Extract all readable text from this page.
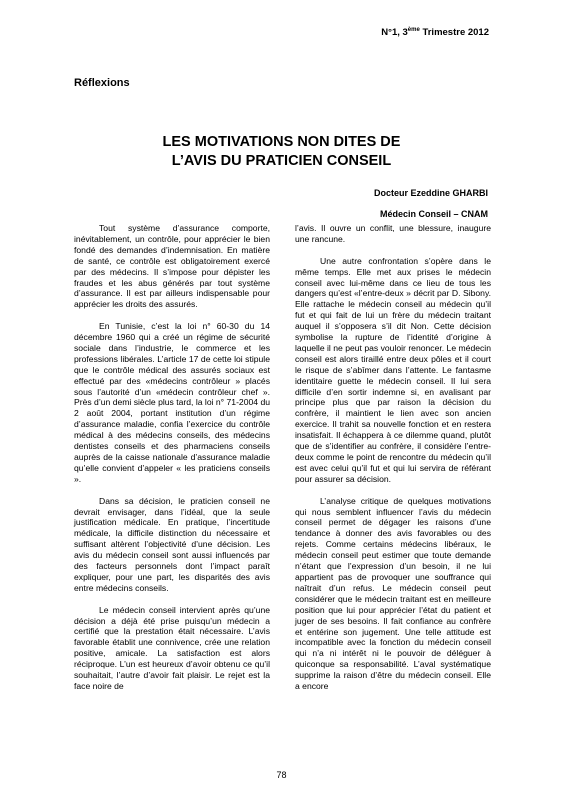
N°1, 3ème Trimestre 2012
Réflexions
LES MOTIVATIONS NON DITES DE
L’AVIS DU PRATICIEN CONSEIL
Docteur Ezeddine GHARBI
Médecin Conseil – CNAM

Tout système d’assurance comporte, inévitablement, un contrôle, pour apprécier le bien fondé des demandes d’indemnisation. En matière de santé, ce contrôle est obligatoirement exercé par des médecins. Il s’impose pour dépister les fraudes et les abus générés par tout système d’assurance. Il est par ailleurs indispensable pour apprécier les droits des assurés.

En Tunisie, c’est la loi n° 60-30 du 14 décembre 1960 qui a créé un régime de sécurité sociale dans l’industrie, le commerce et les professions libérales. L’article 17 de cette loi stipule que le contrôle médical des assurés sociaux est effectué par des «médecins contrôleur » placés sous l’autorité d’un «médecin contrôleur chef ». Près d’un demi siècle plus tard, la loi n° 71-2004 du 2 août 2004, portant institution d’un régime d’assurance maladie, confia l’exercice du contrôle médical à des médecins conseils, des médecins dentistes conseils et des pharmaciens conseils auprès de la caisse nationale d’assurance maladie qu’elle convient d’appeler « les praticiens conseils ».

Dans sa décision, le praticien conseil ne devrait envisager, dans l’idéal, que la seule justification médicale. En pratique, l’incertitude médicale, la difficile distinction du nécessaire et suffisant altèrent l’objectivité d’une décision. Les avis du médecin conseil sont aussi influencés par des facteurs personnels dont l’impact paraît expliquer, pour une part, les disparités des avis entre médecins conseils.

Le médecin conseil intervient après qu’une décision a déjà été prise puisqu’un médecin a certifié que la prestation était nécessaire. L’avis favorable établit une connivence, crée une relation positive, amicale. La satisfaction est alors réciproque. L’un est heureux d’avoir obtenu ce qu’il souhaitait, l’autre d’avoir fait plaisir. Le rejet est la face noire de

l’avis. Il ouvre un conflit, une blessure, inaugure une rancune.

Une autre confrontation s’opère dans le même temps. Elle met aux prises le médecin conseil avec lui-même dans ce lieu de tous les dangers qu’est «l’entre-deux » décrit par D. Sibony. Elle rattache le médecin conseil au médecin qu’il fut et qui fait de lui un frère du médecin traitant auquel il s’opposera s’il dit Non. Cette décision symbolise la rupture de l’identité d’origine à laquelle il ne peut pas vouloir renoncer. Le médecin conseil est alors tiraillé entre deux pôles et il court le risque de s’abîmer dans l’attente. Le fantasme identitaire guette le médecin conseil. Il lui sera difficile d’en sortir indemne si, en avalisant par principe plus que par raison la décision du confrère, il maintient le lien avec son ancien exercice. Il trahit sa nouvelle fonction et en restera insatisfait. Il échappera à ce dilemme quand, plutôt que de s’identifier au confrère, il considère l’entre-deux comme le point de rencontre du médecin qu’il est avec celui qu’il fut et qui lui servira de référant pour assurer sa décision.

L’analyse critique de quelques motivations qui nous semblent influencer l’avis du médecin conseil permet de dégager les raisons d’une tendance à donner des avis favorables ou des rejets. Comme certains médecins libéraux, le médecin conseil peut estimer que toute demande n’étant que l’expression d’un besoin, il ne lui appartient pas de provoquer une souffrance qui naîtrait d’un refus. Le médecin conseil peut considérer que le médecin traitant est en meilleure position que lui pour apprécier l’état du patient et juger de ses besoins. Il fait confiance au confrère et entérine son jugement. Une telle attitude est incompatible avec la fonction du médecin conseil qui n’a ni intérêt ni le pouvoir de déléguer à quiconque sa responsabilité. L’aval systématique supprime la raison d’être du médecin conseil. Elle a encore

78
